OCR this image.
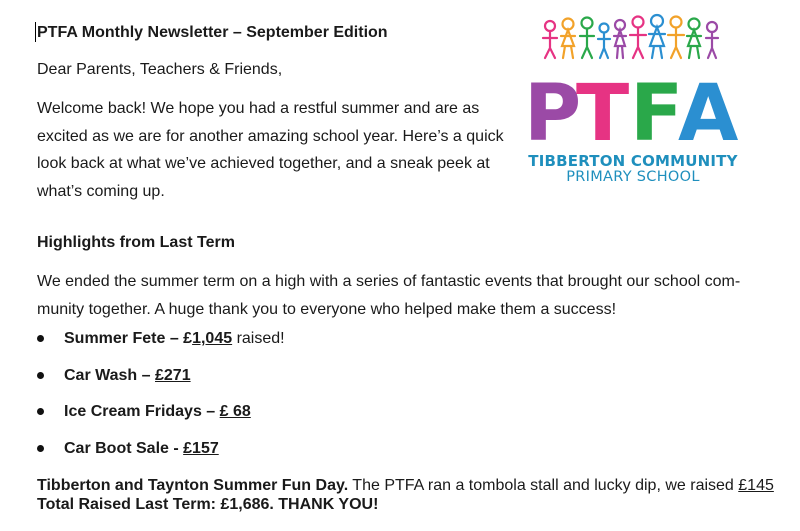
PTFA Monthly Newsletter – September Edition
Dear Parents, Teachers & Friends,

Welcome back! We hope you had a restful summer and are as
excited as we are for another amazing school year. Here’s a quick
look back at what we’ve achieved together, and a sneak peek at
what’s coming up.

Highlights from Last Term

We ended the summer term on a high with a series of fantastic events that brought our school com-
munity together. A huge thank you to everyone who helped make them a success!

Summer Fete – £1,045 raised!
Car Wash – £271
Ice Cream Fridays – £ 68
Car Boot Sale - £157
Tibberton and Taynton Summer Fun Day. The PTFA ran a tombola stall and lucky dip, we raised £145
Total Raised Last Term: £1,686. THANK YOU!
P
T F
A
TIBBERTON COMMUNITY
PRIMARY SCHOOL
